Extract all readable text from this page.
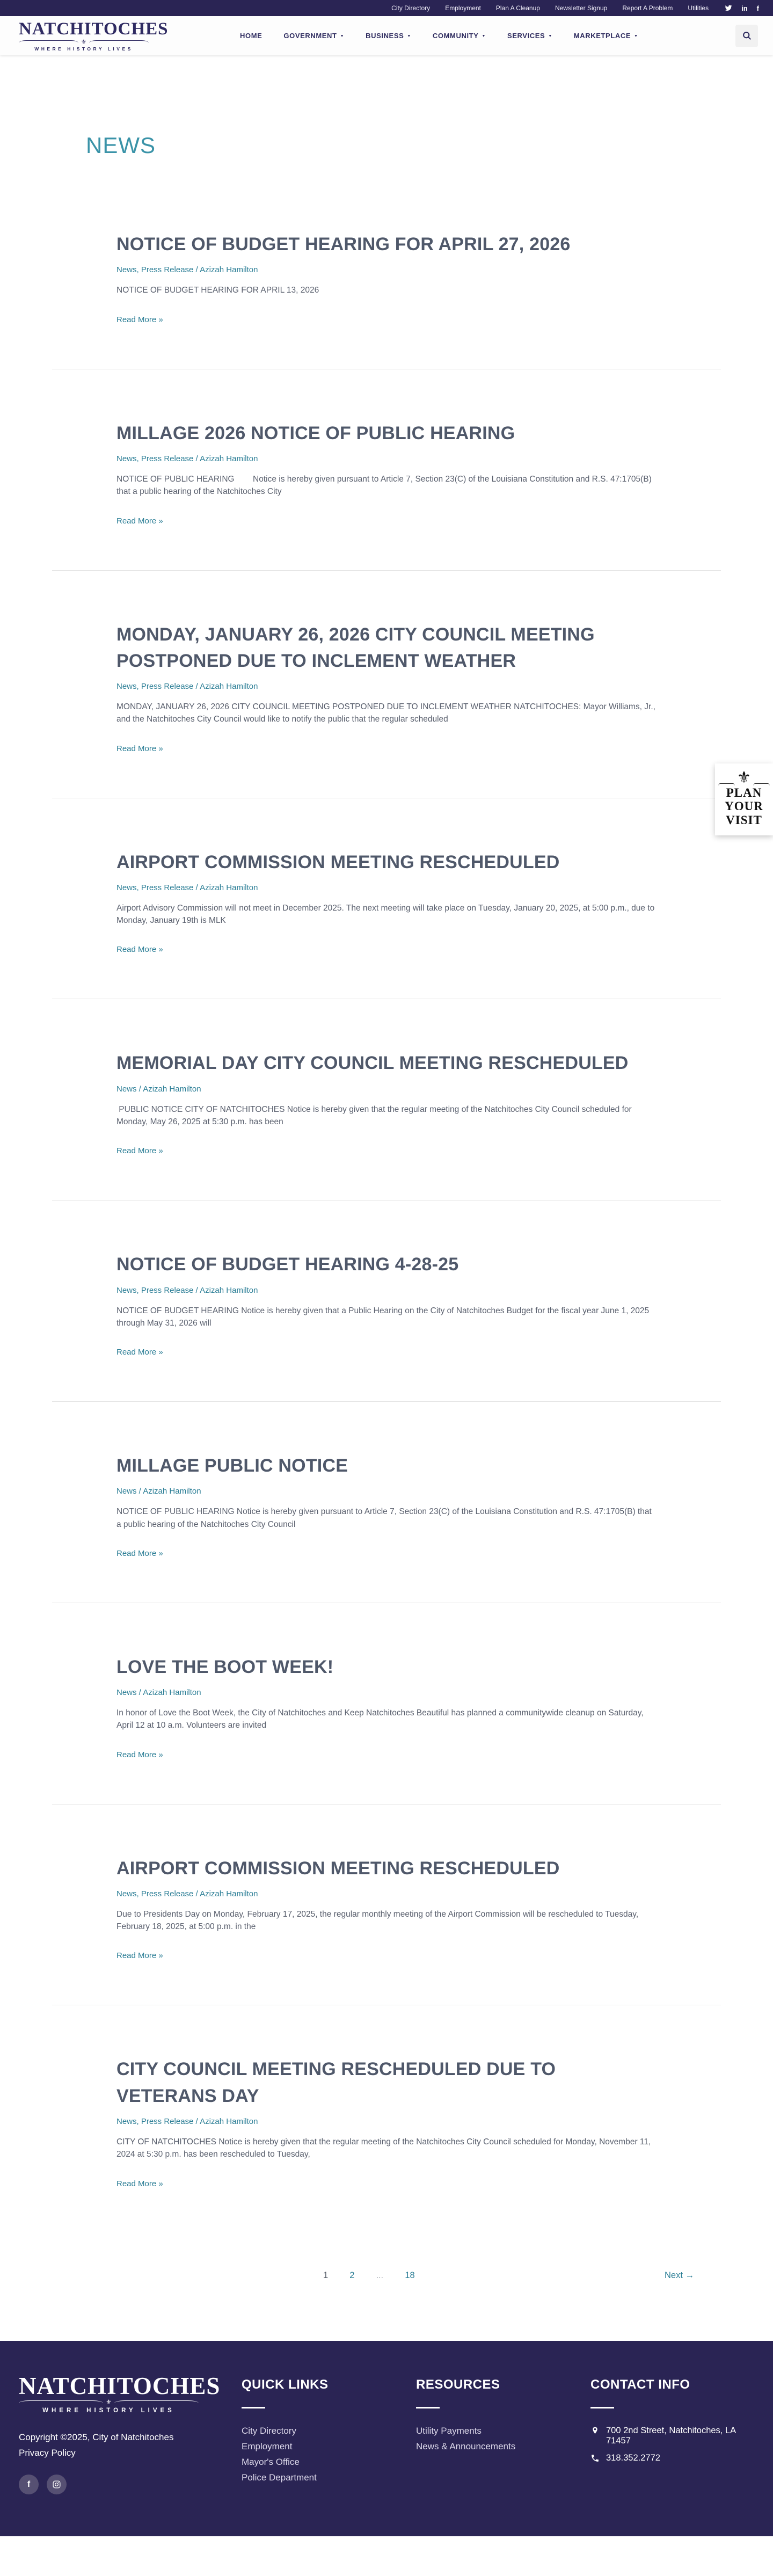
City Directory Employment Plan A Cleanup Newsletter Signup Report A Problem Utilities	in f
NATCHITOCHES
⚜
WHERE HISTORY LIVES
HOME	GOVERNMENT ▼	BUSINESS ▼	COMMUNITY ▼	SERVICES ▼	MARKETPLACE ▼
NEWS
NOTICE OF BUDGET HEARING FOR APRIL 27, 2026

News, Press Release / Azizah Hamilton

NOTICE OF BUDGET HEARING FOR APRIL 13, 2026

Read More »
MILLAGE 2026 NOTICE OF PUBLIC HEARING

News, Press Release / Azizah Hamilton

NOTICE OF PUBLIC HEARING        Notice is hereby given pursuant to Article 7, Section 23(C) of the Louisiana Constitution and R.S. 47:1705(B) that a public hearing of the Natchitoches City

Read More »
MONDAY, JANUARY 26, 2026 CITY COUNCIL MEETING POSTPONED DUE TO INCLEMENT WEATHER

News, Press Release / Azizah Hamilton

MONDAY, JANUARY 26, 2026 CITY COUNCIL MEETING POSTPONED DUE TO INCLEMENT WEATHER NATCHITOCHES: Mayor Williams, Jr., and the Natchitoches City Council would like to notify the public that the regular scheduled

Read More »
AIRPORT COMMISSION MEETING RESCHEDULED

News, Press Release / Azizah Hamilton

Airport Advisory Commission will not meet in December 2025. The next meeting will take place on Tuesday, January 20, 2025, at 5:00 p.m., due to Monday, January 19th is MLK

Read More »
MEMORIAL DAY CITY COUNCIL MEETING RESCHEDULED

News / Azizah Hamilton

PUBLIC NOTICE CITY OF NATCHITOCHES Notice is hereby given that the regular meeting of the Natchitoches City Council scheduled for Monday, May 26, 2025 at 5:30 p.m. has been

Read More »
NOTICE OF BUDGET HEARING 4-28-25

News, Press Release / Azizah Hamilton

NOTICE OF BUDGET HEARING Notice is hereby given that a Public Hearing on the City of Natchitoches Budget for the fiscal year June 1, 2025 through May 31, 2026 will

Read More »
MILLAGE PUBLIC NOTICE

News / Azizah Hamilton

NOTICE OF PUBLIC HEARING Notice is hereby given pursuant to Article 7, Section 23(C) of the Louisiana Constitution and R.S. 47:1705(B) that a public hearing of the Natchitoches City Council

Read More »
LOVE THE BOOT WEEK!

News / Azizah Hamilton

In honor of Love the Boot Week, the City of Natchitoches and Keep Natchitoches Beautiful has planned a communitywide cleanup on Saturday, April 12 at 10 a.m. Volunteers are invited

Read More »
AIRPORT COMMISSION MEETING RESCHEDULED

News, Press Release / Azizah Hamilton

Due to Presidents Day on Monday, February 17, 2025, the regular monthly meeting of the Airport Commission will be rescheduled to Tuesday, February 18, 2025, at 5:00 p.m. in the

Read More »
CITY COUNCIL MEETING RESCHEDULED DUE TO VETERANS DAY

News, Press Release / Azizah Hamilton

CITY OF NATCHITOCHES Notice is hereby given that the regular meeting of the Natchitoches City Council scheduled for Monday, November 11, 2024 at 5:30 p.m. has been rescheduled to Tuesday,

Read More »
1 2	… 18	Next →
⚜
PLAN
YOUR
VISIT
NATCHITOCHES
⚜
WHERE HISTORY LIVES
Copyright ©2025, City of Natchitoches
Privacy Policy
f
QUICK LINKS
City Directory
Employment
Mayor's Office
Police Department
RESOURCES
Utility Payments
News & Announcements
CONTACT INFO
700 2nd Street, Natchitoches, LA 71457
318.352.2772
